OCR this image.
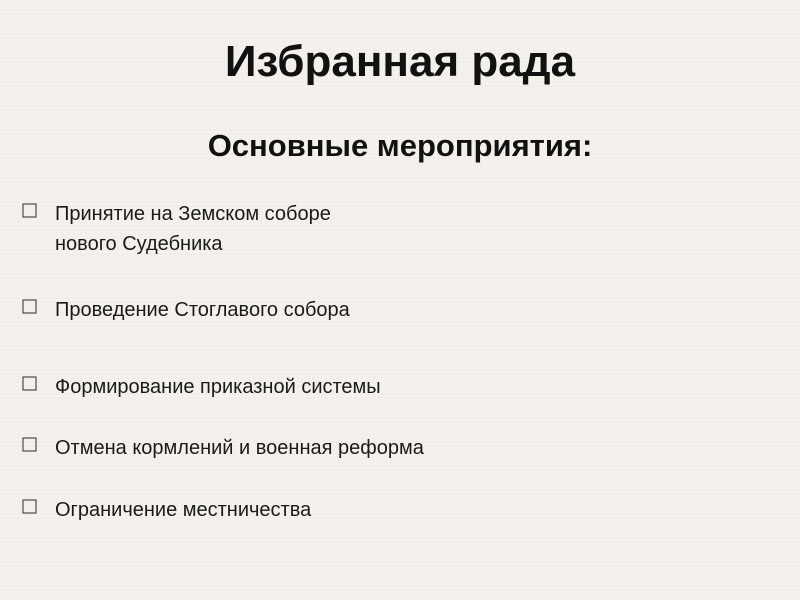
Избранная рада
Основные мероприятия:
Принятие на Земском соборе
нового Судебника
Проведение Стоглавого собора
Формирование приказной системы
Отмена кормлений и военная реформа
Ограничение местничества
